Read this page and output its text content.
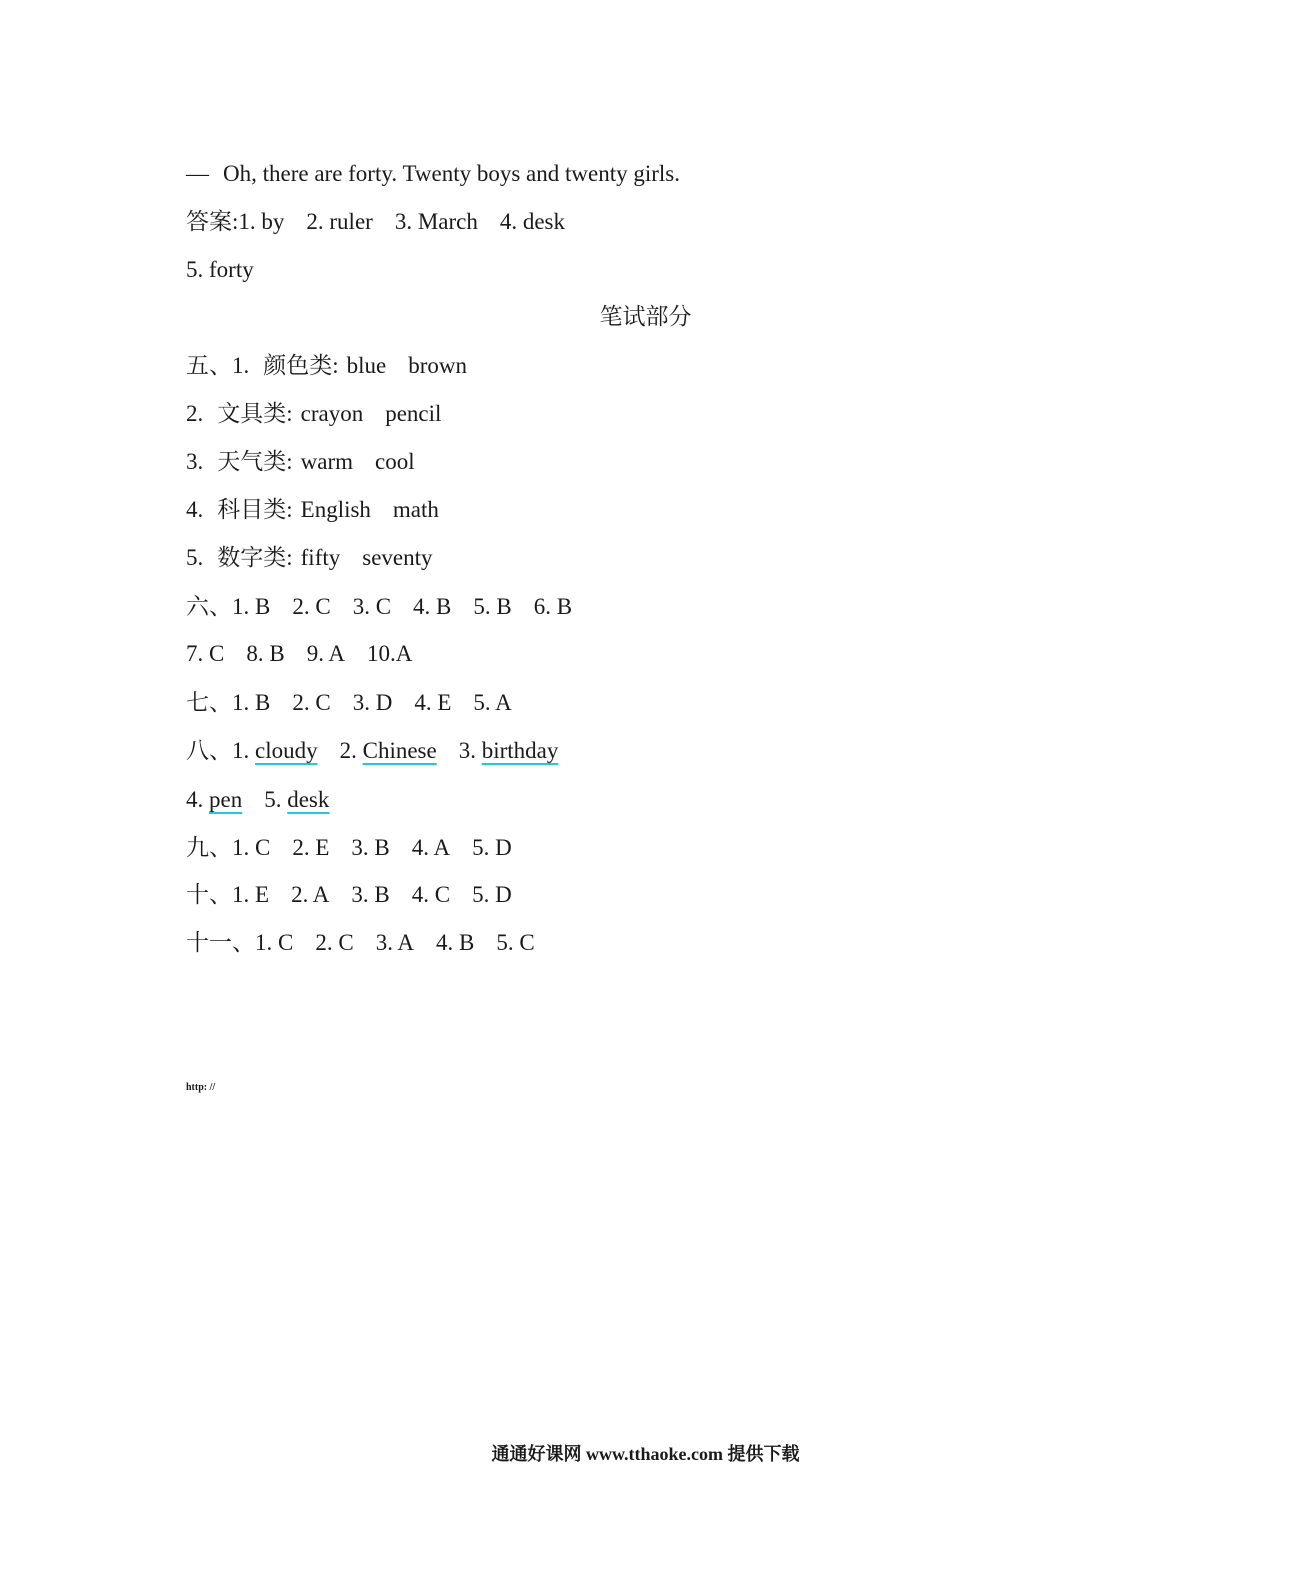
— Oh, there are forty. Twenty boys and twenty girls.
答案:1. by 2. ruler 3. March 4. desk
5. forty
笔试部分
五、1. 颜色类: blue brown
2. 文具类: crayon pencil
3. 天气类: warm cool
4. 科目类: English math
5. 数字类: fifty seventy
六、1. B 2. C 3. C 4. B 5. B 6. B
7. C 8. B 9. A 10.A
七、1. B 2. C 3. D 4. E 5. A
八、1. cloudy 2. Chinese 3. birthday
4. pen 5. desk
九、1. C 2. E 3. B 4. A 5. D
十、1. E 2. A 3. B 4. C 5. D
十一、1. C 2. C 3. A 4. B 5. C
http: //
通通好课网 www.tthaoke.com 提供下载
